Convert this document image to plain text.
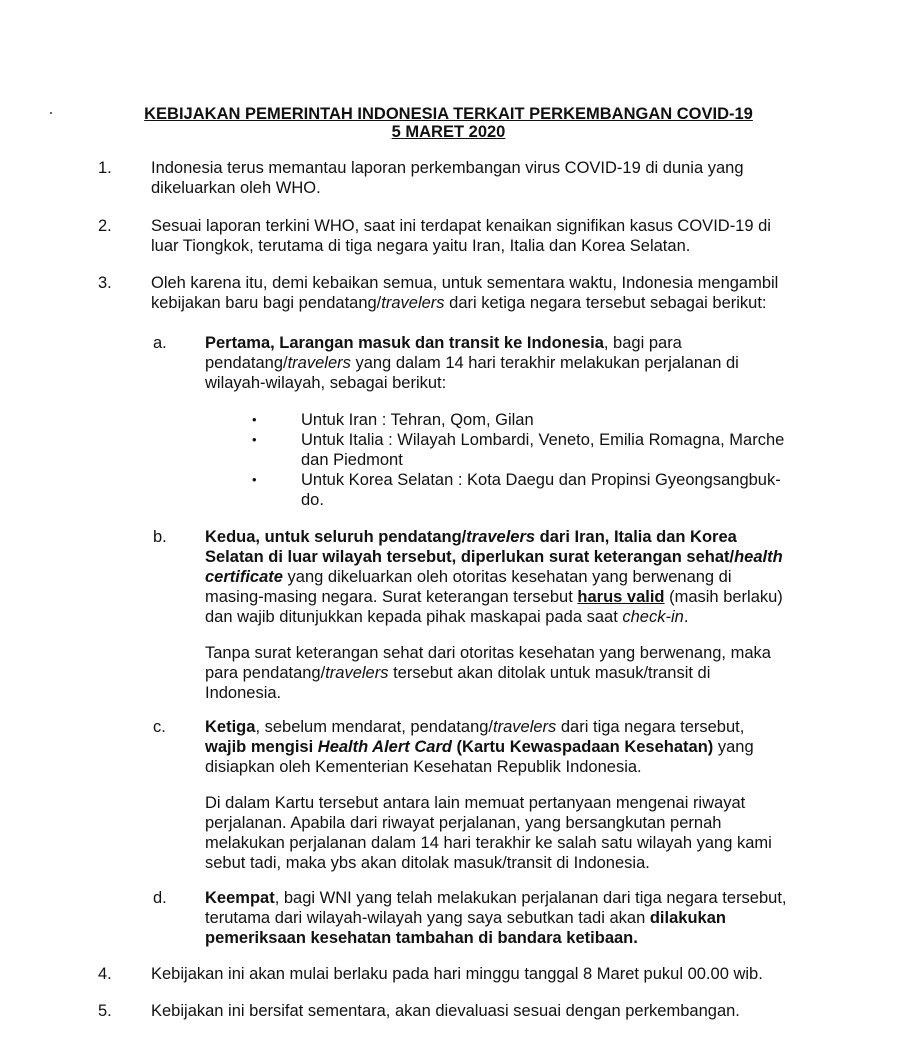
KEBIJAKAN PEMERINTAH INDONESIA TERKAIT PERKEMBANGAN COVID-19
5 MARET 2020
1. Indonesia terus memantau laporan perkembangan virus COVID-19 di dunia yang
dikeluarkan oleh WHO.
2. Sesuai laporan terkini WHO, saat ini terdapat kenaikan signifikan kasus COVID-19 di
luar Tiongkok, terutama di tiga negara yaitu Iran, Italia dan Korea Selatan.
3. Oleh karena itu, demi kebaikan semua, untuk sementara waktu, Indonesia mengambil
kebijakan baru bagi pendatang/travelers dari ketiga negara tersebut sebagai berikut:
a. Pertama, Larangan masuk dan transit ke Indonesia, bagi para
pendatang/travelers yang dalam 14 hari terakhir melakukan perjalanan di
wilayah-wilayah, sebagai berikut:
•	Untuk Iran : Tehran, Qom, Gilan
•	Untuk Italia : Wilayah Lombardi, Veneto, Emilia Romagna, Marche
dan Piedmont
•	Untuk Korea Selatan : Kota Daegu dan Propinsi Gyeongsangbuk-
do.
b. Kedua, untuk seluruh pendatang/travelers dari Iran, Italia dan Korea
Selatan di luar wilayah tersebut, diperlukan surat keterangan sehat/health
certificate yang dikeluarkan oleh otoritas kesehatan yang berwenang di
masing-masing negara. Surat keterangan tersebut harus valid (masih berlaku)
dan wajib ditunjukkan kepada pihak maskapai pada saat check-in.
Tanpa surat keterangan sehat dari otoritas kesehatan yang berwenang, maka
para pendatang/travelers tersebut akan ditolak untuk masuk/transit di
Indonesia.
c. Ketiga, sebelum mendarat, pendatang/travelers dari tiga negara tersebut,
wajib mengisi Health Alert Card (Kartu Kewaspadaan Kesehatan) yang
disiapkan oleh Kementerian Kesehatan Republik Indonesia.
Di dalam Kartu tersebut antara lain memuat pertanyaan mengenai riwayat
perjalanan. Apabila dari riwayat perjalanan, yang bersangkutan pernah
melakukan perjalanan dalam 14 hari terakhir ke salah satu wilayah yang kami
sebut tadi, maka ybs akan ditolak masuk/transit di Indonesia.
d. Keempat, bagi WNI yang telah melakukan perjalanan dari tiga negara tersebut,
terutama dari wilayah-wilayah yang saya sebutkan tadi akan dilakukan
pemeriksaan kesehatan tambahan di bandara ketibaan.
4. Kebijakan ini akan mulai berlaku pada hari minggu tanggal 8 Maret pukul 00.00 wib.
5. Kebijakan ini bersifat sementara, akan dievaluasi sesuai dengan perkembangan.
